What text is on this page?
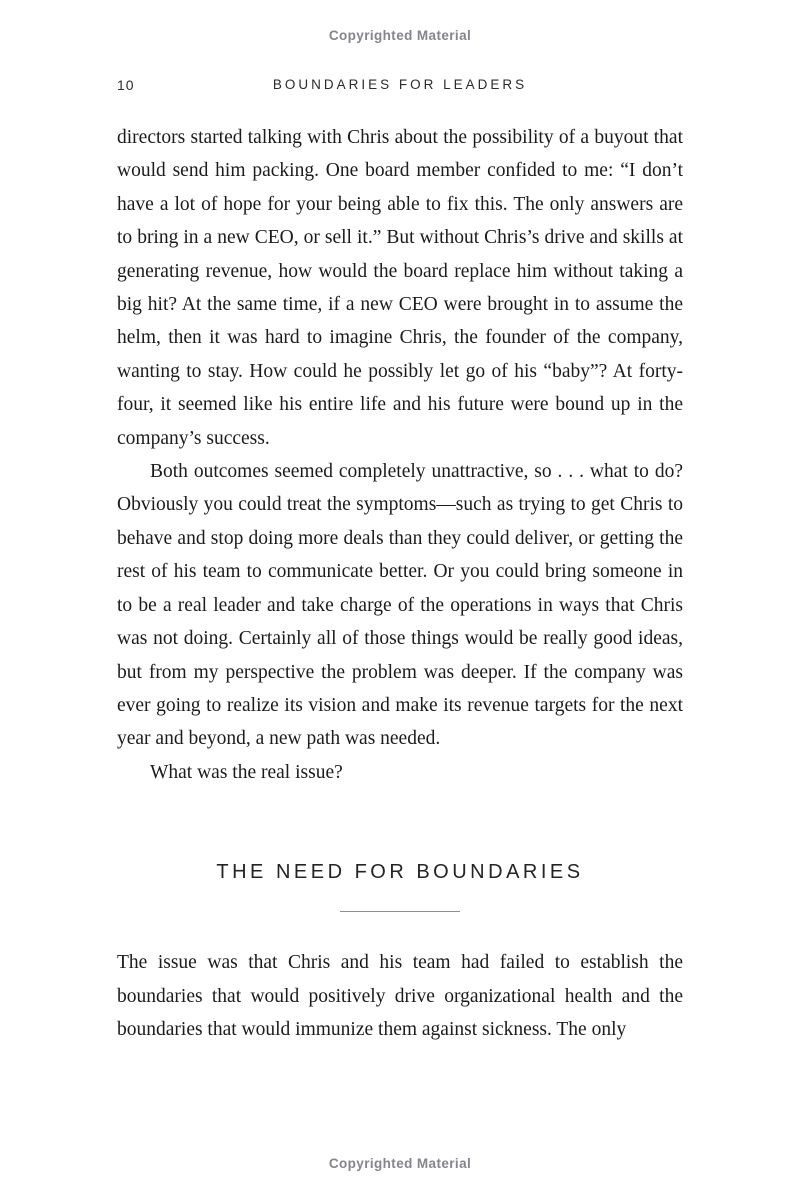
Copyrighted Material
10	BOUNDARIES FOR LEADERS

directors started talking with Chris about the possibility of a buyout that would send him packing. One board member confided to me: “I don’t have a lot of hope for your being able to fix this. The only answers are to bring in a new CEO, or sell it.” But without Chris’s drive and skills at generating revenue, how would the board replace him without taking a big hit? At the same time, if a new CEO were brought in to assume the helm, then it was hard to imagine Chris, the founder of the company, wanting to stay. How could he possibly let go of his “baby”? At forty-four, it seemed like his entire life and his future were bound up in the company’s success.

Both outcomes seemed completely unattractive, so . . . what to do? Obviously you could treat the symptoms—such as trying to get Chris to behave and stop doing more deals than they could deliver, or getting the rest of his team to communicate better. Or you could bring someone in to be a real leader and take charge of the operations in ways that Chris was not doing. Certainly all of those things would be really good ideas, but from my perspective the problem was deeper. If the company was ever going to realize its vision and make its revenue targets for the next year and beyond, a new path was needed.

What was the real issue?

THE NEED FOR BOUNDARIES

The issue was that Chris and his team had failed to establish the boundaries that would positively drive organizational health and the boundaries that would immunize them against sickness. The only

Copyrighted Material
